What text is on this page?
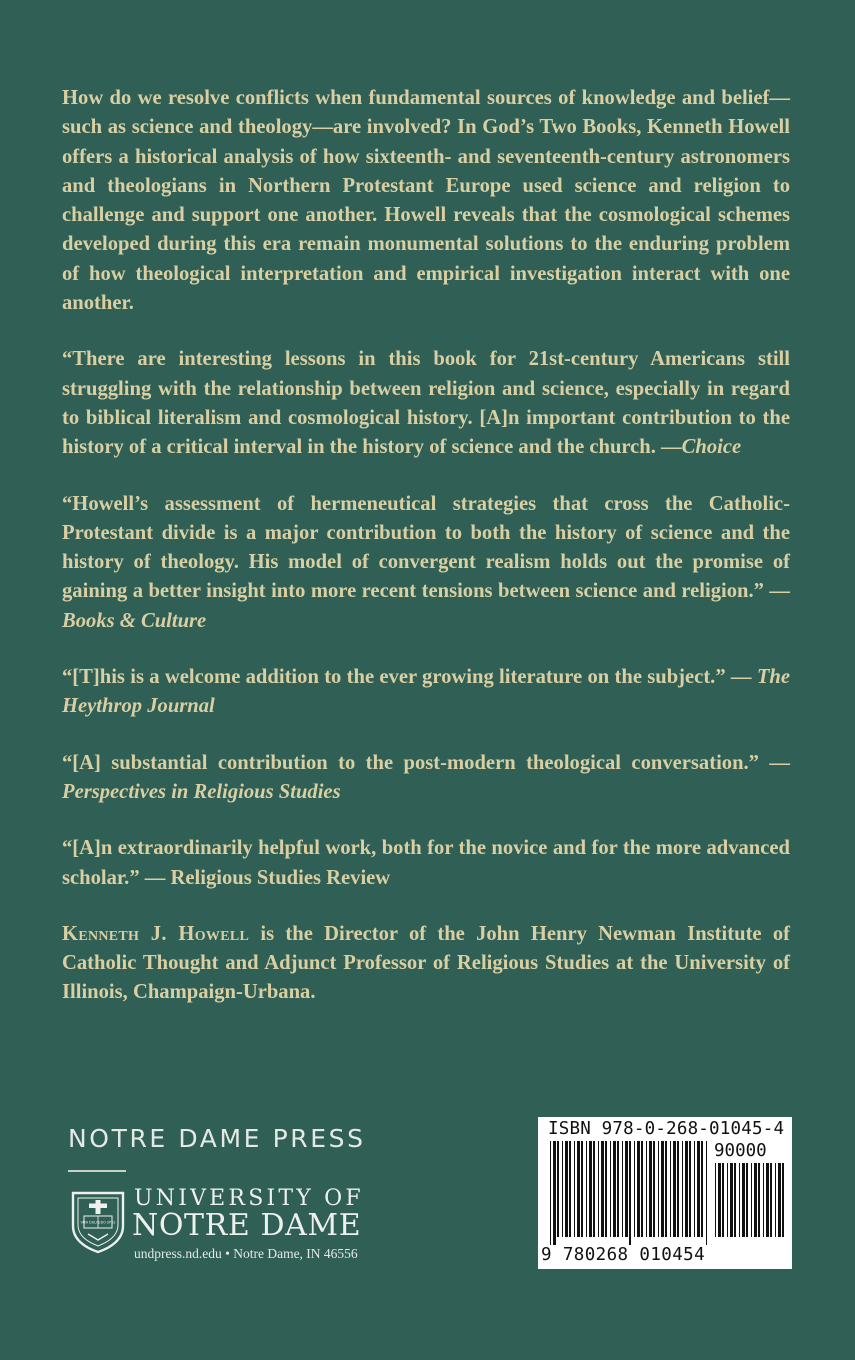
How do we resolve conflicts when fundamental sources of knowledge and belief—such as science and theology—are involved? In God’s Two Books, Kenneth Howell offers a historical analysis of how sixteenth- and seventeenth-century astronomers and theologians in Northern Protestant Europe used science and religion to challenge and support one another. Howell reveals that the cosmological schemes developed during this era remain monumental solutions to the enduring problem of how theological interpretation and empirical investigation interact with one another.

“There are interesting lessons in this book for 21st-century Americans still struggling with the relationship between religion and science, especially in regard to biblical literalism and cosmological history. [A]n important contribution to the history of a critical interval in the history of science and the church. —Choice

“Howell’s assessment of hermeneutical strategies that cross the Catholic-Protestant divide is a major contribution to both the history of science and the history of theology. His model of convergent realism holds out the promise of gaining a better insight into more recent tensions between science and religion.” —Books & Culture

“[T]his is a welcome addition to the ever growing literature on the subject.” — The Heythrop Journal

“[A] substantial contribution to the post-modern theological conversation.” —Perspectives in Religious Studies

“[A]n extraordinarily helpful work, both for the novice and for the more advanced scholar.” — Religious Studies Review

Kenneth J. Howell is the Director of the John Henry Newman Institute of Catholic Thought and Adjunct Professor of Religious Studies at the University of Illinois, Champaign-Urbana.

NOTRE DAME PRESS
VITA DULCEDO SPES
UNIVERSITY OF
NOTRE DAME
undpress.nd.edu • Notre Dame, IN 46556
ISBN 978-0-268-01045-4
90000
9 780268 010454
